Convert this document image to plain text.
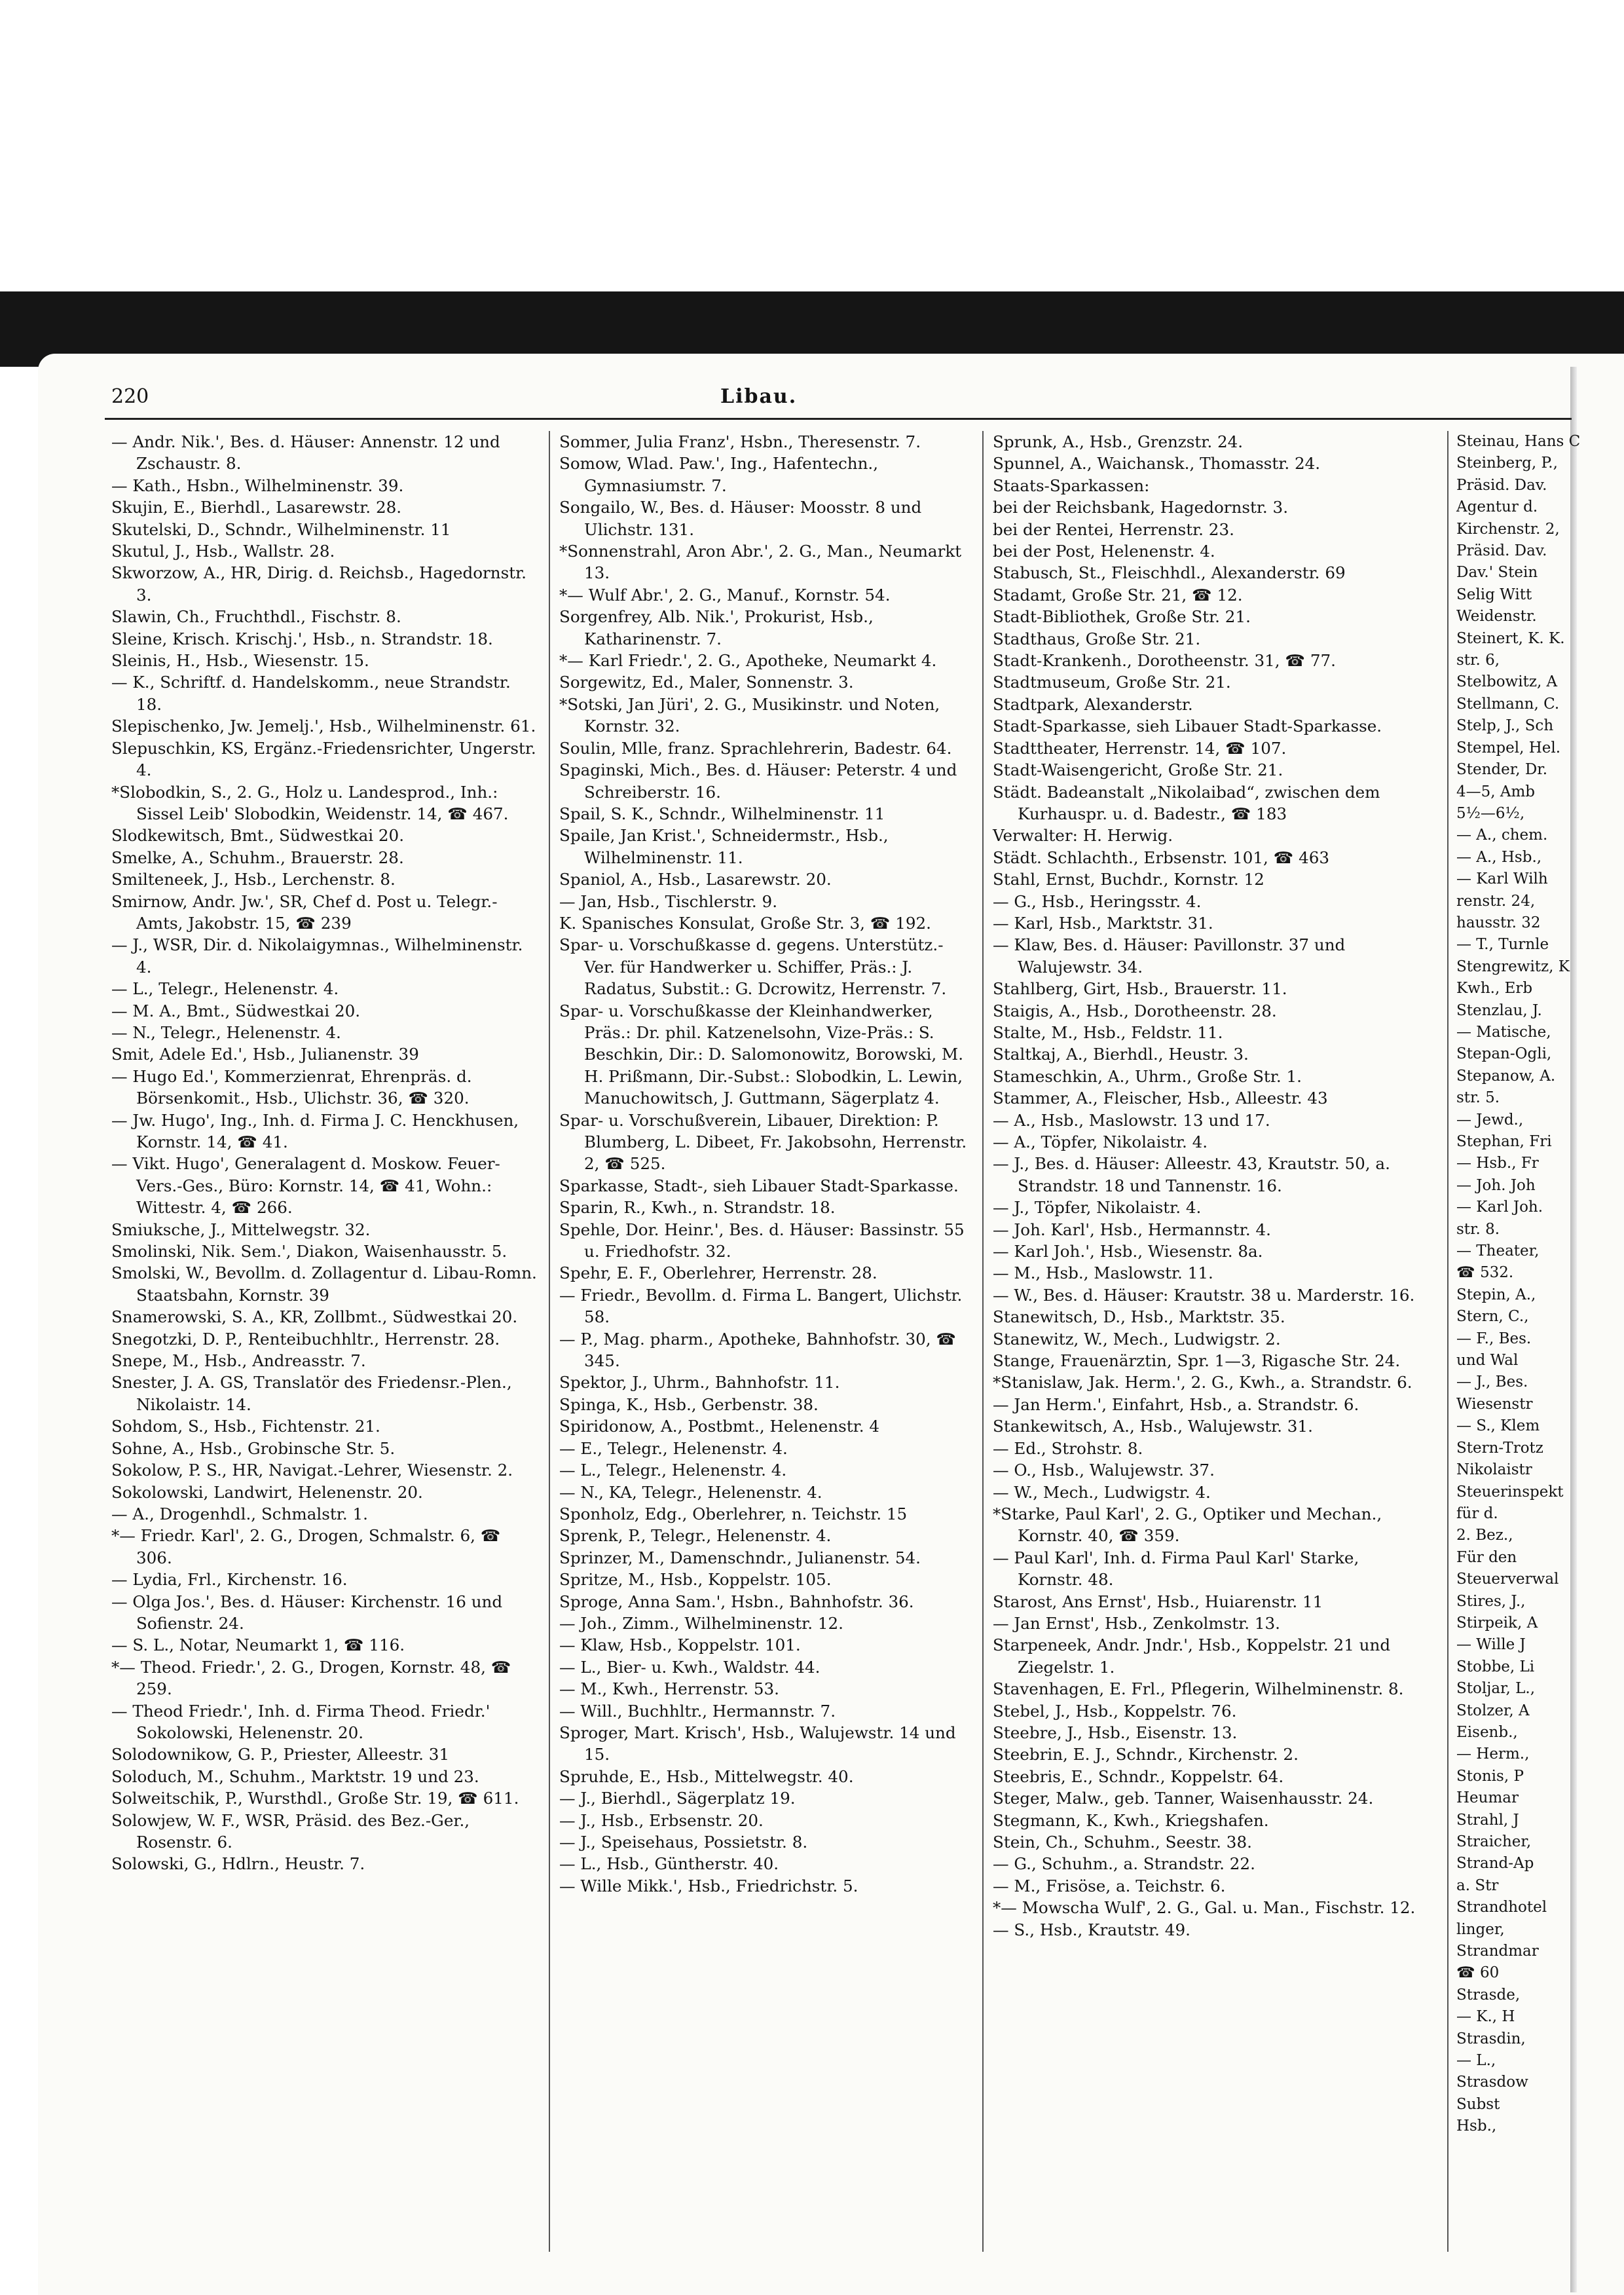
220	Libau.

— Andr. Nik.', Bes. d. Häuser: Annenstr. 12 und Zschaustr. 8.

— Kath., Hsbn., Wilhelminenstr. 39.

Skujin, E., Bierhdl., Lasarewstr. 28.

Skutelski, D., Schndr., Wilhelminenstr. 11

Skutul, J., Hsb., Wallstr. 28.

Skworzow, A., HR, Dirig. d. Reichsb., Hagedornstr. 3.

Slawin, Ch., Fruchthdl., Fischstr. 8.

Sleine, Krisch. Krischj.', Hsb., n. Strandstr. 18.

Sleinis, H., Hsb., Wiesenstr. 15.

— K., Schriftf. d. Handelskomm., neue Strandstr. 18.

Slepischenko, Jw. Jemelj.', Hsb., Wilhelminenstr. 61.

Slepuschkin, KS, Ergänz.-Friedensrichter, Ungerstr. 4.

*Slobodkin, S., 2. G., Holz u. Landesprod., Inh.: Sissel Leib' Slobodkin, Weidenstr. 14, ☎ 467.

Slodkewitsch, Bmt., Südwestkai 20.

Smelke, A., Schuhm., Brauerstr. 28.

Smilteneek, J., Hsb., Lerchenstr. 8.

Smirnow, Andr. Jw.', SR, Chef d. Post u. Telegr.-Amts, Jakobstr. 15, ☎ 239

— J., WSR, Dir. d. Nikolaigymnas., Wilhelminenstr. 4.

— L., Telegr., Helenenstr. 4.

— M. A., Bmt., Südwestkai 20.

— N., Telegr., Helenenstr. 4.

Smit, Adele Ed.', Hsb., Julianenstr. 39

— Hugo Ed.', Kommerzienrat, Ehrenpräs. d. Börsenkomit., Hsb., Ulichstr. 36, ☎ 320.

— Jw. Hugo', Ing., Inh. d. Firma J. C. Henckhusen, Kornstr. 14, ☎ 41.

— Vikt. Hugo', Generalagent d. Moskow. Feuer-Vers.-Ges., Büro: Kornstr. 14, ☎ 41, Wohn.: Wittestr. 4, ☎ 266.

Smiuksche, J., Mittelwegstr. 32.

Smolinski, Nik. Sem.', Diakon, Waisenhausstr. 5.

Smolski, W., Bevollm. d. Zollagentur d. Libau-Romn. Staatsbahn, Kornstr. 39

Snamerowski, S. A., KR, Zollbmt., Südwestkai 20.

Snegotzki, D. P., Renteibuchhltr., Herrenstr. 28.

Snepe, M., Hsb., Andreasstr. 7.

Snester, J. A. GS, Translatör des Friedensr.-Plen., Nikolaistr. 14.

Sohdom, S., Hsb., Fichtenstr. 21.

Sohne, A., Hsb., Grobinsche Str. 5.

Sokolow, P. S., HR, Navigat.-Lehrer, Wiesenstr. 2.

Sokolowski, Landwirt, Helenenstr. 20.

— A., Drogenhdl., Schmalstr. 1.

*— Friedr. Karl', 2. G., Drogen, Schmalstr. 6, ☎ 306.

— Lydia, Frl., Kirchenstr. 16.

— Olga Jos.', Bes. d. Häuser: Kirchenstr. 16 und Sofienstr. 24.

— S. L., Notar, Neumarkt 1, ☎ 116.

*— Theod. Friedr.', 2. G., Drogen, Kornstr. 48, ☎ 259.

— Theod Friedr.', Inh. d. Firma Theod. Friedr.' Sokolowski, Helenenstr. 20.

Solodownikow, G. P., Priester, Alleestr. 31

Soloduch, M., Schuhm., Marktstr. 19 und 23.

Solweitschik, P., Wursthdl., Große Str. 19, ☎ 611.

Solowjew, W. F., WSR, Präsid. des Bez.-Ger., Rosenstr. 6.

Solowski, G., Hdlrn., Heustr. 7.

Sommer, Julia Franz', Hsbn., Theresenstr. 7.

Somow, Wlad. Paw.', Ing., Hafentechn., Gymnasiumstr. 7.

Songailo, W., Bes. d. Häuser: Moosstr. 8 und Ulichstr. 131.

*Sonnenstrahl, Aron Abr.', 2. G., Man., Neumarkt 13.

*— Wulf Abr.', 2. G., Manuf., Kornstr. 54.

Sorgenfrey, Alb. Nik.', Prokurist, Hsb., Katharinenstr. 7.

*— Karl Friedr.', 2. G., Apotheke, Neumarkt 4.

Sorgewitz, Ed., Maler, Sonnenstr. 3.

*Sotski, Jan Jüri', 2. G., Musikinstr. und Noten, Kornstr. 32.

Soulin, Mlle, franz. Sprachlehrerin, Badestr. 64.

Spaginski, Mich., Bes. d. Häuser: Peterstr. 4 und Schreiberstr. 16.

Spail, S. K., Schndr., Wilhelminenstr. 11

Spaile, Jan Krist.', Schneidermstr., Hsb., Wilhelminenstr. 11.

Spaniol, A., Hsb., Lasarewstr. 20.

— Jan, Hsb., Tischlerstr. 9.

K. Spanisches Konsulat, Große Str. 3, ☎ 192.

Spar- u. Vorschußkasse d. gegens. Unterstütz.-Ver. für Handwerker u. Schiffer, Präs.: J. Radatus, Substit.: G. Dcrowitz, Herrenstr. 7.

Spar- u. Vorschußkasse der Kleinhandwerker, Präs.: Dr. phil. Katzenelsohn, Vize-Präs.: S. Beschkin, Dir.: D. Salomonowitz, Borowski, M. H. Prißmann, Dir.-Subst.: Slobodkin, L. Lewin, Manuchowitsch, J. Guttmann, Sägerplatz 4.

Spar- u. Vorschußverein, Libauer, Direktion: P. Blumberg, L. Dibeet, Fr. Jakobsohn, Herrenstr. 2, ☎ 525.

Sparkasse, Stadt-, sieh Libauer Stadt-Sparkasse.

Sparin, R., Kwh., n. Strandstr. 18.

Spehle, Dor. Heinr.', Bes. d. Häuser: Bassinstr. 55 u. Friedhofstr. 32.

Spehr, E. F., Oberlehrer, Herrenstr. 28.

— Friedr., Bevollm. d. Firma L. Bangert, Ulichstr. 58.

— P., Mag. pharm., Apotheke, Bahnhofstr. 30, ☎ 345.

Spektor, J., Uhrm., Bahnhofstr. 11.

Spinga, K., Hsb., Gerbenstr. 38.

Spiridonow, A., Postbmt., Helenenstr. 4

— E., Telegr., Helenenstr. 4.

— L., Telegr., Helenenstr. 4.

— N., KA, Telegr., Helenenstr. 4.

Sponholz, Edg., Oberlehrer, n. Teichstr. 15

Sprenk, P., Telegr., Helenenstr. 4.

Sprinzer, M., Damenschndr., Julianenstr. 54.

Spritze, M., Hsb., Koppelstr. 105.

Sproge, Anna Sam.', Hsbn., Bahnhofstr. 36.

— Joh., Zimm., Wilhelminenstr. 12.

— Klaw, Hsb., Koppelstr. 101.

— L., Bier- u. Kwh., Waldstr. 44.

— M., Kwh., Herrenstr. 53.

— Will., Buchhltr., Hermannstr. 7.

Sproger, Mart. Krisch', Hsb., Walujewstr. 14 und 15.

Spruhde, E., Hsb., Mittelwegstr. 40.

— J., Bierhdl., Sägerplatz 19.

— J., Hsb., Erbsenstr. 20.

— J., Speisehaus, Possietstr. 8.

— L., Hsb., Güntherstr. 40.

— Wille Mikk.', Hsb., Friedrichstr. 5.

Sprunk, A., Hsb., Grenzstr. 24.

Spunnel, A., Waichansk., Thomasstr. 24.

Staats-Sparkassen:

bei der Reichsbank, Hagedornstr. 3.

bei der Rentei, Herrenstr. 23.

bei der Post, Helenenstr. 4.

Stabusch, St., Fleischhdl., Alexanderstr. 69

Stadamt, Große Str. 21, ☎ 12.

Stadt-Bibliothek, Große Str. 21.

Stadthaus, Große Str. 21.

Stadt-Krankenh., Dorotheenstr. 31, ☎ 77.

Stadtmuseum, Große Str. 21.

Stadtpark, Alexanderstr.

Stadt-Sparkasse, sieh Libauer Stadt-Sparkasse.

Stadttheater, Herrenstr. 14, ☎ 107.

Stadt-Waisengericht, Große Str. 21.

Städt. Badeanstalt „Nikolaibad“, zwischen dem Kurhauspr. u. d. Badestr., ☎ 183

Verwalter: H. Herwig.

Städt. Schlachth., Erbsenstr. 101, ☎ 463

Stahl, Ernst, Buchdr., Kornstr. 12

— G., Hsb., Heringsstr. 4.

— Karl, Hsb., Marktstr. 31.

— Klaw, Bes. d. Häuser: Pavillonstr. 37 und Walujewstr. 34.

Stahlberg, Girt, Hsb., Brauerstr. 11.

Staigis, A., Hsb., Dorotheenstr. 28.

Stalte, M., Hsb., Feldstr. 11.

Staltkaj, A., Bierhdl., Heustr. 3.

Stameschkin, A., Uhrm., Große Str. 1.

Stammer, A., Fleischer, Hsb., Alleestr. 43

— A., Hsb., Maslowstr. 13 und 17.

— A., Töpfer, Nikolaistr. 4.

— J., Bes. d. Häuser: Alleestr. 43, Krautstr. 50, a. Strandstr. 18 und Tannenstr. 16.

— J., Töpfer, Nikolaistr. 4.

— Joh. Karl', Hsb., Hermannstr. 4.

— Karl Joh.', Hsb., Wiesenstr. 8a.

— M., Hsb., Maslowstr. 11.

— W., Bes. d. Häuser: Krautstr. 38 u. Marderstr. 16.

Stanewitsch, D., Hsb., Marktstr. 35.

Stanewitz, W., Mech., Ludwigstr. 2.

Stange, Frauenärztin, Spr. 1—3, Rigasche Str. 24.

*Stanislaw, Jak. Herm.', 2. G., Kwh., a. Strandstr. 6.

— Jan Herm.', Einfahrt, Hsb., a. Strandstr. 6.

Stankewitsch, A., Hsb., Walujewstr. 31.

— Ed., Strohstr. 8.

— O., Hsb., Walujewstr. 37.

— W., Mech., Ludwigstr. 4.

*Starke, Paul Karl', 2. G., Optiker und Mechan., Kornstr. 40, ☎ 359.

— Paul Karl', Inh. d. Firma Paul Karl' Starke, Kornstr. 48.

Starost, Ans Ernst', Hsb., Huiarenstr. 11

— Jan Ernst', Hsb., Zenkolmstr. 13.

Starpeneek, Andr. Jndr.', Hsb., Koppelstr. 21 und Ziegelstr. 1.

Stavenhagen, E. Frl., Pflegerin, Wilhelminenstr. 8.

Stebel, J., Hsb., Koppelstr. 76.

Steebre, J., Hsb., Eisenstr. 13.

Steebrin, E. J., Schndr., Kirchenstr. 2.

Steebris, E., Schndr., Koppelstr. 64.

Steger, Malw., geb. Tanner, Waisenhausstr. 24.

Stegmann, K., Kwh., Kriegshafen.

Stein, Ch., Schuhm., Seestr. 38.

— G., Schuhm., a. Strandstr. 22.

— M., Frisöse, a. Teichstr. 6.

*— Mowscha Wulf', 2. G., Gal. u. Man., Fischstr. 12.

— S., Hsb., Krautstr. 49.

Steinau, Hans C

Steinberg, P.,

Präsid. Dav.

Agentur d.

Kirchenstr. 2,

Präsid. Dav.

Dav.' Stein

Selig Witt

Weidenstr.

Steinert, K. K.

str. 6,

Stelbowitz, A

Stellmann, C.

Stelp, J., Sch

Stempel, Hel.

Stender, Dr.

4—5, Amb

5½—6½,

— A., chem.

— A., Hsb.,

— Karl Wilh

renstr. 24,

hausstr. 32

— T., Turnle

Stengrewitz, K

Kwh., Erb

Stenzlau, J.

— Matische,

Stepan-Ogli,

Stepanow, A.

str. 5.

— Jewd.,

Stephan, Fri

— Hsb., Fr

— Joh. Joh

— Karl Joh.

str. 8.

— Theater,

☎ 532.

Stepin, A.,

Stern, C.,

— F., Bes.

und Wal

— J., Bes.

Wiesenstr

— S., Klem

Stern-Trotz

Nikolaistr

Steuerinspekt

für d.

2. Bez.,

Für den

Steuerverwal

Stires, J.,

Stirpeik, A

— Wille J

Stobbe, Li

Stoljar, L.,

Stolzer, A

Eisenb.,

— Herm.,

Stonis, P

Heumar

Strahl, J

Straicher,

Strand-Ap

a. Str

Strandhotel

linger,

Strandmar

☎ 60

Strasde,

— K., H

Strasdin,

— L.,

Strasdow

Subst

Hsb.,
